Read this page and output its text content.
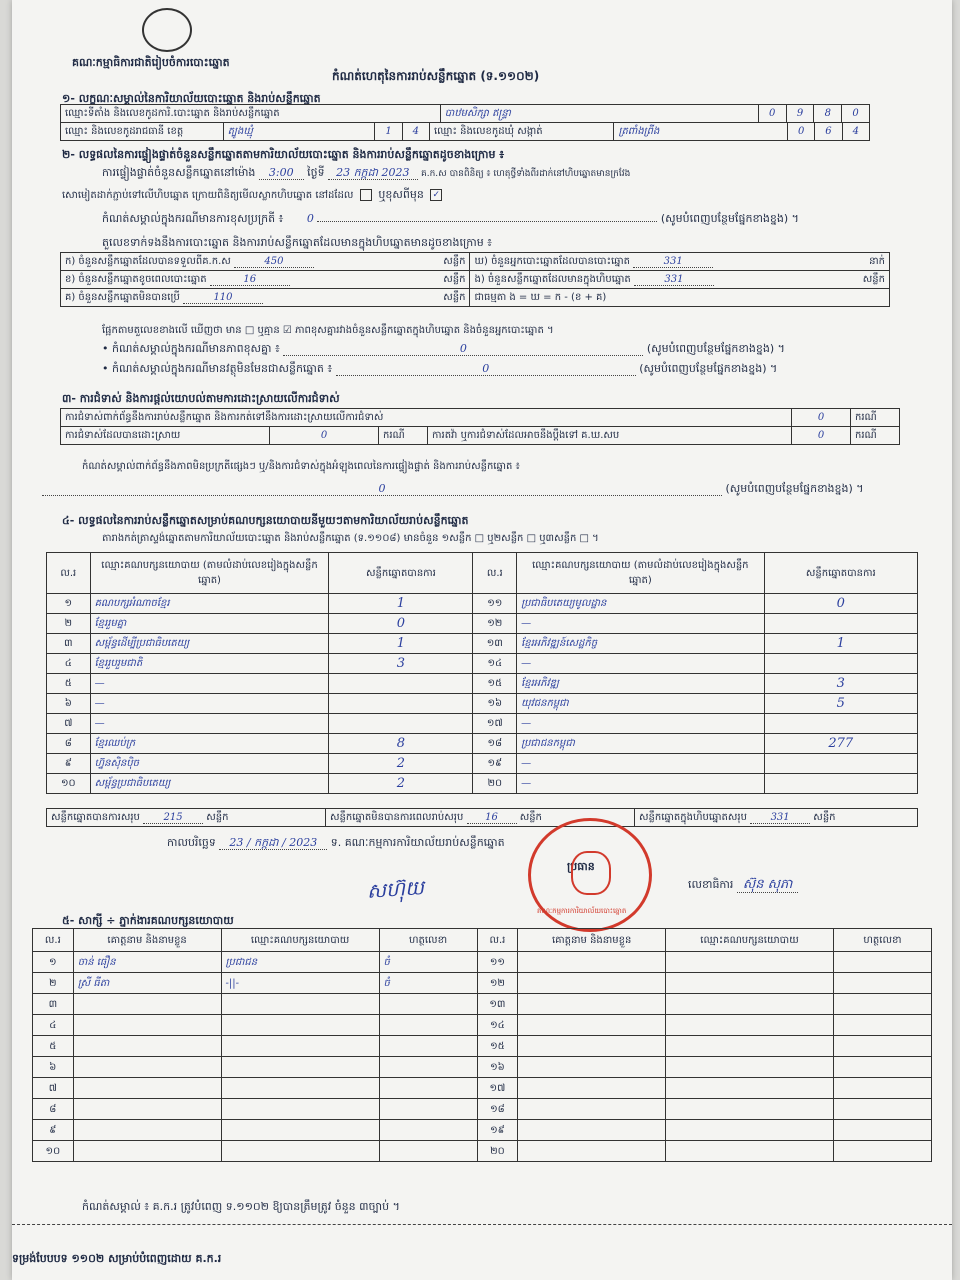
គណៈកម្មាធិការជាតិរៀបចំការបោះឆ្នោត
កំណត់ហេតុនៃការរាប់សន្លឹកឆ្នោត (ទ.១១០២)
១- លក្ខណៈសម្គាល់នៃការិយាល័យបោះឆ្នោត និងរាប់សន្លឹកឆ្នោត
ឈ្មោះទីតាំង និងលេខកូដការិ.បោះឆ្នោត និងរាប់សន្លឹកឆ្នោត	បាឋមសិក្សា ឥន្ទ្រា	0	9	8	0
ឈ្មោះ និងលេខកូដរាជធានី ខេត្ត	ត្បូងឃ្មុំ	1	4	ឈ្មោះ និងលេខកូដឃុំ សង្កាត់	ត្រពាំងព្រីង	0	6	4
២- លទ្ធផលនៃការផ្ទៀងផ្ទាត់ចំនួនសន្លឹកឆ្នោតតាមការិយាល័យបោះឆ្នោត និងការរាប់សន្លឹកឆ្នោតដូចខាងក្រោម ៖
ការផ្ទៀងផ្ទាត់ចំនួនសន្លឹកឆ្នោតនៅម៉ោង 3:00 ថ្ងៃទី 23 កក្កដា 2023 គ.ក.ស បានពិនិត្យ ៖ ហេតុថ្វីទាំងពីរដាក់នៅហិបឆ្នោតមានក្រវែង
សោមៀតដាក់ភ្ជាប់ទៅលើហិបឆ្នោត ក្រោយពិនិត្យមើលស្លាកហិបឆ្នោត នៅដដែល ឬខុសពីមុន ✓
កំណត់សម្គាល់ក្នុងករណីមានការខុសប្រក្រតី ៖ 0	(សូមបំពេញបន្ថែមផ្នែកខាងខ្នង) ។
តួលេខទាក់ទងនឹងការបោះឆ្នោត និងការរាប់សន្លឹកឆ្នោតដែលមានក្នុងហិបឆ្នោតមានដូចខាងក្រោម ៖
ក) ចំនួនសន្លឹកឆ្នោតដែលបានទទួលពីគ.ក.ស 450 សន្លឹក	ឃ) ចំនួនអ្នកបោះឆ្នោតដែលបានបោះឆ្នោត 331 នាក់

ខ) ចំនួនសន្លឹកឆ្នោតខូចពេលបោះឆ្នោត 16 សន្លឹក	ង) ចំនួនសន្លឹកឆ្នោតដែលមានក្នុងហិបឆ្នោត 331 សន្លឹក

គ) ចំនួនសន្លឹកឆ្នោតមិនបានប្រើ 110 សន្លឹក	ជាធម្មតា ង = ឃ = ក - (ខ + គ)
ផ្អែកតាមតួលេខខាងលើ ឃើញថា មាន □ ឬគ្មាន ☑ ភាពខុសគ្នារវាងចំនួនសន្លឹកឆ្នោតក្នុងហិបឆ្នោត និងចំនួនអ្នកបោះឆ្នោត ។
• កំណត់សម្គាល់ក្នុងករណីមានភាពខុសគ្នា ៖	0	(សូមបំពេញបន្ថែមផ្នែកខាងខ្នង) ។
• កំណត់សម្គាល់ក្នុងករណីមានវត្ថុមិនមែនជាសន្លឹកឆ្នោត ៖	0	(សូមបំពេញបន្ថែមផ្នែកខាងខ្នង) ។
៣- ការជំទាស់ និងការផ្ដល់យោបល់តាមការដោះស្រាយលើការជំទាស់
ការជំទាស់ពាក់ព័ន្ធនឹងការរាប់សន្លឹកឆ្នោត និងការកត់ទៅនឹងការដោះស្រាយលើការជំទាស់				0	ករណី
ការជំទាស់ដែលបានដោះស្រាយ	0	ករណី	ការតវ៉ា ឬការជំទាស់ដែលអាចនឹងប្ដឹងទៅ គ.ឃ.សប	0	ករណី
កំណត់សម្គាល់ពាក់ព័ន្ធនឹងភាពមិនប្រក្រតីផ្សេងៗ ឬ/និងការជំទាស់ក្នុងអំឡុងពេលនៃការផ្ទៀងផ្ទាត់ និងការរាប់សន្លឹកឆ្នោត ៖
0	(សូមបំពេញបន្ថែមផ្នែកខាងខ្នង) ។
៤- លទ្ធផលនៃការរាប់សន្លឹកឆ្នោតសម្រាប់គណបក្សនយោបាយនីមួយៗតាមការិយាល័យរាប់សន្លឹកឆ្នោត
តារាងកត់ត្រាស្ទង់ឆ្នោតតាមការិយាល័យបោះឆ្នោត និងរាប់សន្លឹកឆ្នោត (ទ.១១០៨) មានចំនួន ១សន្លឹក □ ឬ២សន្លឹក □ ឬ៣សន្លឹក □ ។
ល.រ	ឈ្មោះគណបក្សនយោបាយ (តាមលំដាប់លេខរៀងក្នុងសន្លឹកឆ្នោត)	សន្លឹកឆ្នោតបានការ	ល.រ	ឈ្មោះគណបក្សនយោបាយ (តាមលំដាប់លេខរៀងក្នុងសន្លឹកឆ្នោត)	សន្លឹកឆ្នោតបានការ
១	គណបក្សអំណាចខ្មែរ	1	១១	ប្រជាធិបតេយ្យមូលដ្ឋាន	0
២	ខ្មែររួមគ្នា	0	១២	—	
៣	សម្ព័ន្ធដើម្បីប្រជាធិបតេយ្យ	1	១៣	ខ្មែរអភិវឌ្ឍន៍សេដ្ឋកិច្ច	1
៤	ខ្មែររួបរួមជាតិ	3	១៤	—	
៥	—		១៥	ខ្មែរអភិវឌ្ឍ	3
៦	—		១៦	យុវជនកម្ពុជា	5
៧	—		១៧	—	
៨	ខ្មែរឈប់ក្រ	8	១៨	ប្រជាជនកម្ពុជា	277
៩	ហ្វ៊ុនស៊ិនប៉ិច	2	១៩	—	
១០	សម្ព័ន្ធប្រជាធិបតេយ្យ	2	២០	—	
សន្លឹកឆ្នោតបានការសរុប 215 សន្លឹក	សន្លឹកឆ្នោតមិនបានការពេលរាប់សរុប 16 សន្លឹក	សន្លឹកឆ្នោតក្នុងហិបឆ្នោតសរុប 331 សន្លឹក
កាលបរិច្ឆេទ 23 / កក្កដា / 2023 ទ. គណៈកម្មការការិយាល័យរាប់សន្លឹកឆ្នោត
ប្រធាន
គណៈកម្មការការិយាល័យបោះឆ្នោត
សហ៊ុយ	លេខាធិការ ស៊ុន សុភា
៥- សាក្សី ÷ ភ្នាក់ងារគណបក្សនយោបាយ
ល.រ	គោត្តនាម និងនាមខ្លួន	ឈ្មោះគណបក្សនយោបាយ	ហត្ថលេខា	ល.រ	គោត្តនាម និងនាមខ្លួន	ឈ្មោះគណបក្សនយោបាយ	ហត្ថលេខា
១	ចាន់ ធឿន	ប្រជាជន	ចំ	១១			
២	ស្រី ធីតា	-||-	ចំ	១២			
៣				១៣			
៤				១៤			
៥				១៥			
៦				១៦			
៧				១៧			
៨				១៨			
៩				១៩			
១០				២០			
កំណត់សម្គាល់ ៖ គ.ក.រ ត្រូវបំពេញ ទ.១១០២ ឱ្យបានត្រឹមត្រូវ ចំនួន ៣ច្បាប់ ។
ទម្រង់បែបបទ ១១០២ សម្រាប់បំពេញដោយ គ.ក.រ
